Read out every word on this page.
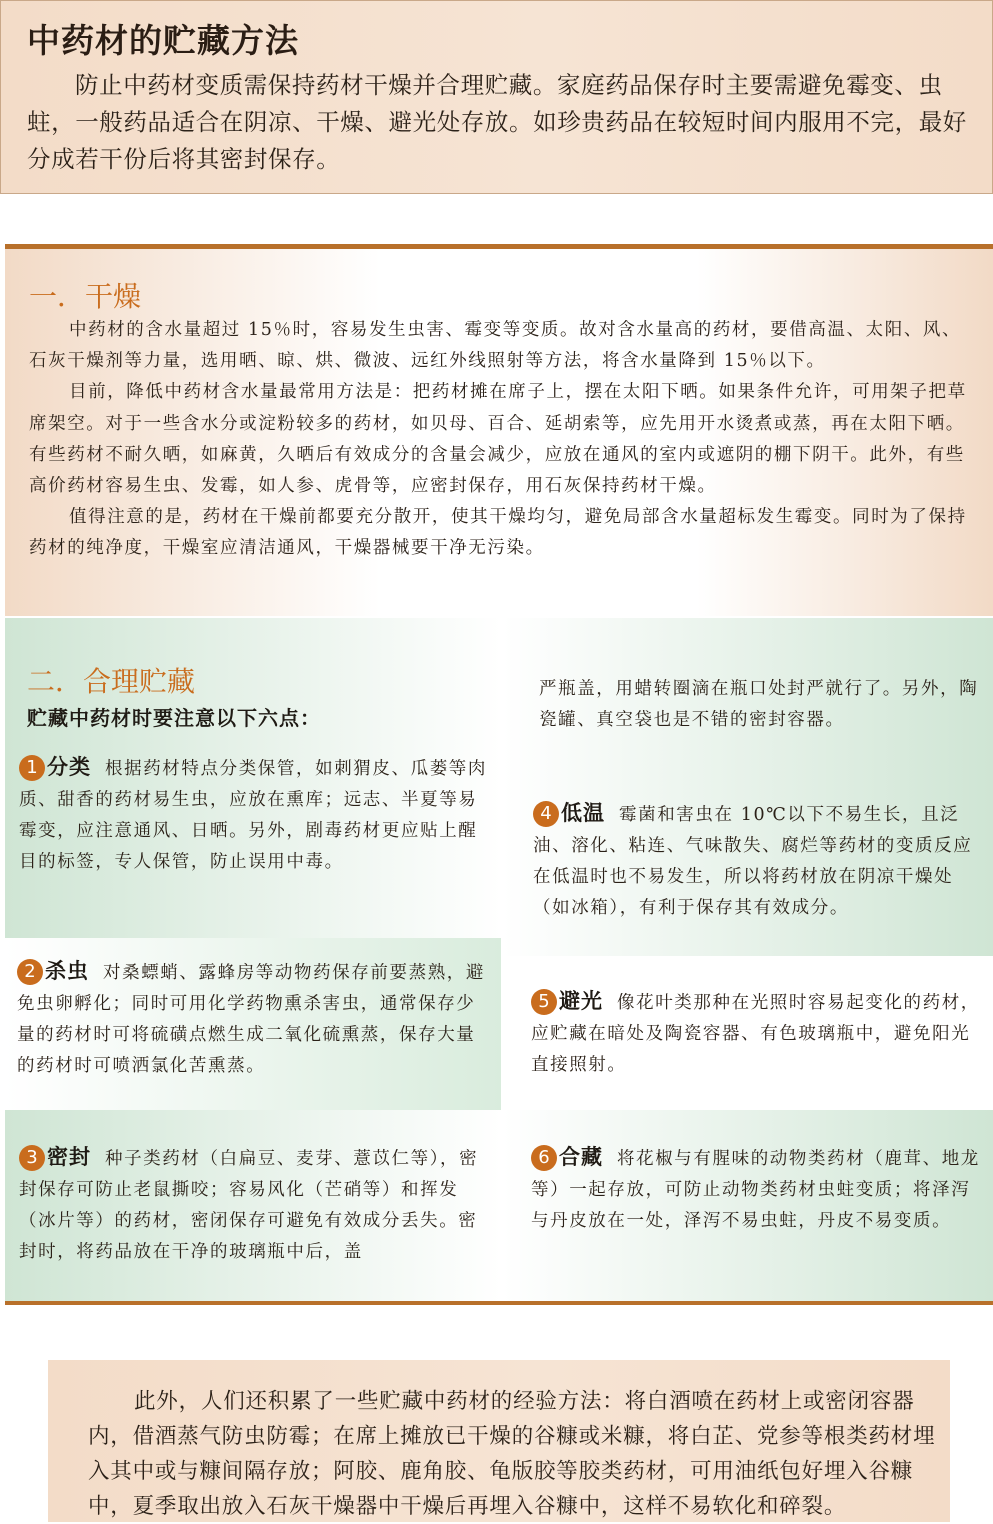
中药材的贮藏方法

防止中药材变质需保持药材干燥并合理贮藏。家庭药品保存时主要需避免霉变、虫蛀，一般药品适合在阴凉、干燥、避光处存放。如珍贵药品在较短时间内服用不完，最好分成若干份后将其密封保存。

一．干燥

中药材的含水量超过 15％时，容易发生虫害、霉变等变质。故对含水量高的药材，要借高温、太阳、风、石灰干燥剂等力量，选用晒、晾、烘、微波、远红外线照射等方法，将含水量降到 15％以下。

目前，降低中药材含水量最常用方法是：把药材摊在席子上，摆在太阳下晒。如果条件允许，可用架子把草席架空。对于一些含水分或淀粉较多的药材，如贝母、百合、延胡索等，应先用开水烫煮或蒸，再在太阳下晒。有些药材不耐久晒，如麻黄，久晒后有效成分的含量会减少，应放在通风的室内或遮阴的棚下阴干。此外，有些高价药材容易生虫、发霉，如人参、虎骨等，应密封保存，用石灰保持药材干燥。

值得注意的是，药材在干燥前都要充分散开，使其干燥均匀，避免局部含水量超标发生霉变。同时为了保持药材的纯净度，干燥室应清洁通风，干燥器械要干净无污染。

二．合理贮藏

贮藏中药材时要注意以下六点：

1 分类 根据药材特点分类保管，如刺猬皮、瓜蒌等肉质、甜香的药材易生虫，应放在熏库；远志、半夏等易霉变，应注意通风、日晒。另外，剧毒药材更应贴上醒目的标签，专人保管，防止误用中毒。

2 杀虫 对桑螵蛸、露蜂房等动物药保存前要蒸熟，避免虫卵孵化；同时可用化学药物熏杀害虫，通常保存少量的药材时可将硫磺点燃生成二氧化硫熏蒸，保存大量的药材时可喷洒氯化苦熏蒸。

3 密封 种子类药材（白扁豆、麦芽、薏苡仁等），密封保存可防止老鼠撕咬；容易风化（芒硝等）和挥发（冰片等）的药材，密闭保存可避免有效成分丢失。密封时，将药品放在干净的玻璃瓶中后，盖

严瓶盖，用蜡转圈滴在瓶口处封严就行了。另外，陶瓷罐、真空袋也是不错的密封容器。

4 低温 霉菌和害虫在 10℃以下不易生长，且泛油、溶化、粘连、气味散失、腐烂等药材的变质反应在低温时也不易发生，所以将药材放在阴凉干燥处（如冰箱），有利于保存其有效成分。

5 避光 像花叶类那种在光照时容易起变化的药材，应贮藏在暗处及陶瓷容器、有色玻璃瓶中，避免阳光直接照射。

6 合藏 将花椒与有腥味的动物类药材（鹿茸、地龙等）一起存放，可防止动物类药材虫蛀变质；将泽泻与丹皮放在一处，泽泻不易虫蛀，丹皮不易变质。

此外，人们还积累了一些贮藏中药材的经验方法：将白酒喷在药材上或密闭容器内，借酒蒸气防虫防霉；在席上摊放已干燥的谷糠或米糠，将白芷、党参等根类药材埋入其中或与糠间隔存放；阿胶、鹿角胶、龟版胶等胶类药材，可用油纸包好埋入谷糠中，夏季取出放入石灰干燥器中干燥后再埋入谷糠中，这样不易软化和碎裂。
